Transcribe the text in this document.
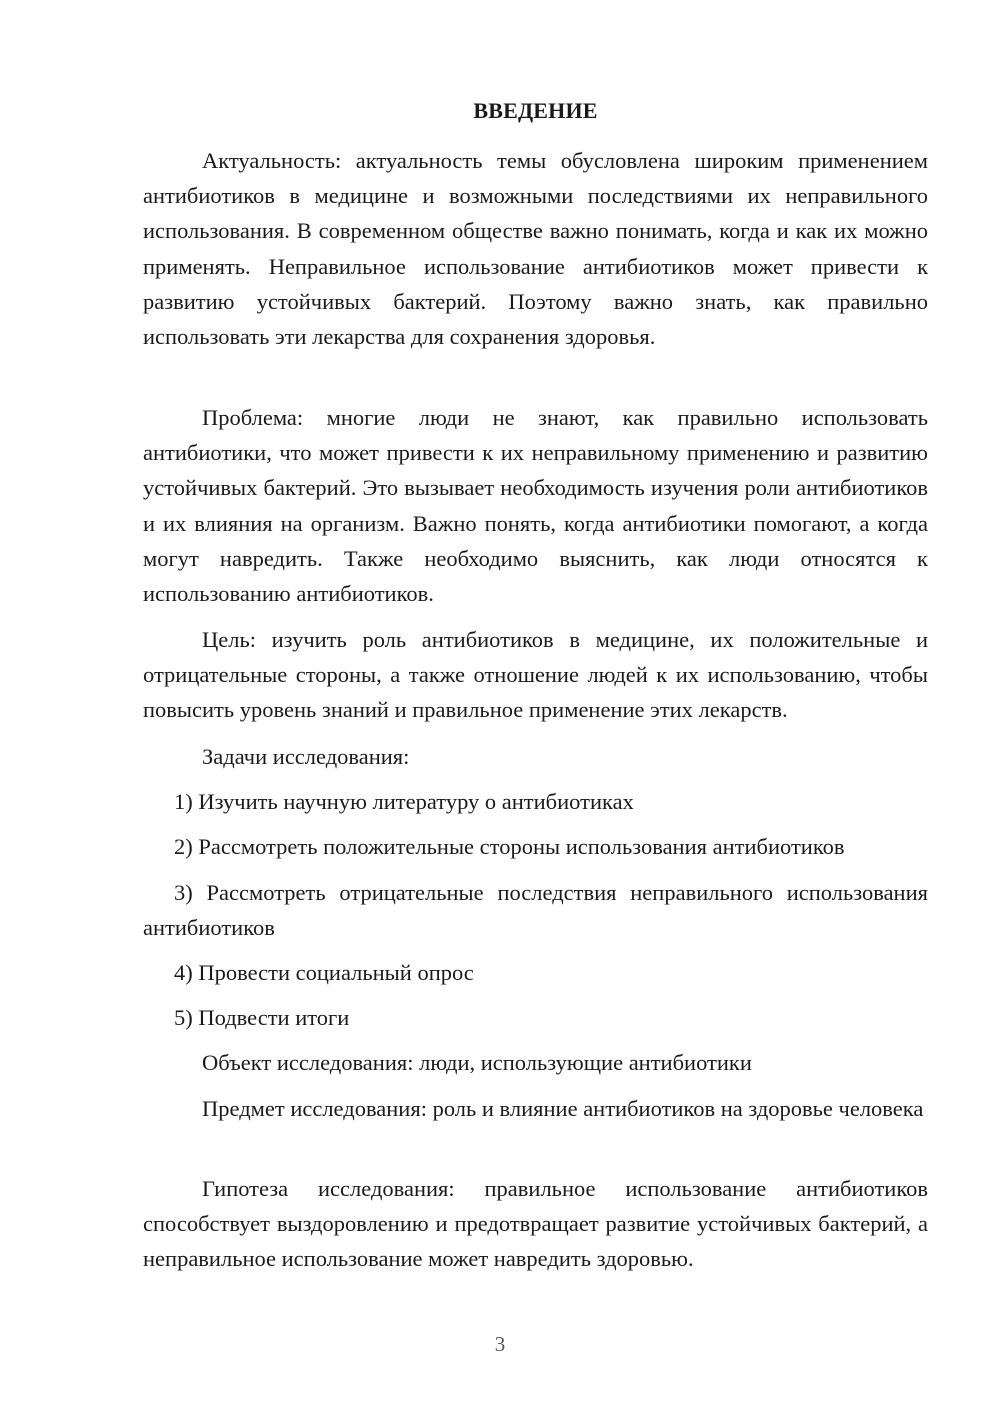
ВВЕДЕНИЕ

Актуальность: актуальность темы обусловлена широким применением антибиотиков в медицине и возможными последствиями их неправильного использования. В современном обществе важно понимать, когда и как их можно применять. Неправильное использование антибиотиков может привести к развитию устойчивых бактерий. Поэтому важно знать, как правильно использовать эти лекарства для сохранения здоровья.

Проблема: многие люди не знают, как правильно использовать антибиотики, что может привести к их неправильному применению и развитию устойчивых бактерий. Это вызывает необходимость изучения роли антибиотиков и их влияния на организм. Важно понять, когда антибиотики помогают, а когда могут навредить. Также необходимо выяснить, как люди относятся к использованию антибиотиков.

Цель: изучить роль антибиотиков в медицине, их положительные и отрицательные стороны, а также отношение людей к их использованию, чтобы повысить уровень знаний и правильное применение этих лекарств.

Задачи исследования:

1) Изучить научную литературу о антибиотиках

2) Рассмотреть положительные стороны использования антибиотиков

3) Рассмотреть отрицательные последствия неправильного использования антибиотиков

4) Провести социальный опрос

5) Подвести итоги

Объект исследования: люди, использующие антибиотики

Предмет исследования: роль и влияние антибиотиков на здоровье человека

Гипотеза исследования: правильное использование антибиотиков способствует выздоровлению и предотвращает развитие устойчивых бактерий, а неправильное использование может навредить здоровью.

3
